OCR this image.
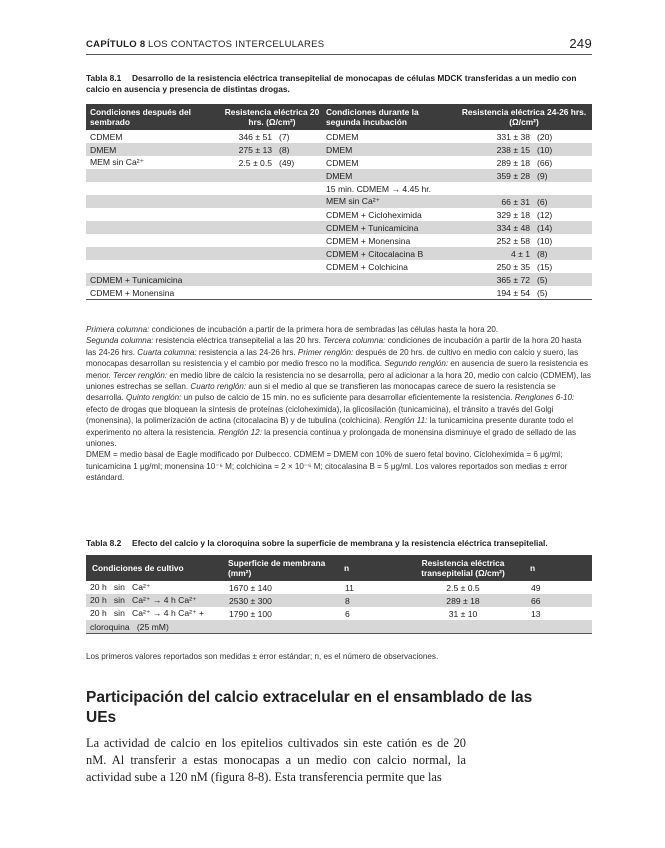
CAPÍTULO 8 LOS CONTACTOS INTERCELULARES	249
Tabla 8.1 Desarrollo de la resistencia eléctrica transepitelial de monocapas de células MDCK transferidas a un medio con calcio en ausencia y presencia de distintas drogas.
Condiciones después del sembrado	Resistencia eléctrica 20 hrs. (Ω/cm²)		Condiciones durante la segunda incubación	Resistencia eléctrica 24-26 hrs. (Ω/cm²)	
CDMEM	346 ± 51	(7)	CDMEM	331 ± 38	(20)
DMEM	275 ± 13	(8)	DMEM	238 ± 15	(10)
MEM sin Ca²⁺	2.5 ± 0.5	(49)	CDMEM	289 ± 18	(66)
			DMEM	359 ± 28	(9)
			15 min. CDMEM → 4.45 hr.		
			MEM sin Ca²⁺	66 ± 31	(6)
			CDMEM + Cicloheximida	329 ± 18	(12)
			CDMEM + Tunicamicina	334 ± 48	(14)
			CDMEM + Monensina	252 ± 58	(10)
			CDMEM + Citocalacina B	4 ± 1	(8)
			CDMEM + Colchicina	250 ± 35	(15)
CDMEM + Tunicamicina				365 ± 72	(5)
CDMEM + Monensina				194 ± 54	(5)

Primera columna: condiciones de incubación a partir de la primera hora de sembradas las células hasta la hora 20.

Segunda columna: resistencia eléctrica transepitelial a las 20 hrs. Tercera columna: condiciones de incubación a partir de la hora 20 hasta las 24-26 hrs. Cuarta columna: resistencia a las 24-26 hrs. Primer renglón: después de 20 hrs. de cultivo en medio con calcio y suero, las monocapas desarrollan su resistencia y el cambio por medio fresco no la modifica. Segundo renglón: en ausencia de suero la resistencia es menor. Tercer renglón: en medio libre de calcio la resistencia no se desarrolla, pero al adicionar a la hora 20, medio con calcio (CDMEM), las uniones estrechas se sellan. Cuarto renglón: aun si el medio al que se transfieren las monocapas carece de suero la resistencia se desarrolla. Quinto renglón: un pulso de calcio de 15 min. no es suficiente para desarrollar eficientemente la resistencia. Renglones 6-10: efecto de drogas que bloquean la síntesis de proteínas (cicloheximida), la glicosilación (tunicamicina), el tránsito a través del Golgi (monensina), la polimerización de actina (citocalacina B) y de tubulina (colchicina). Renglón 11: la tunicamicina presente durante todo el experimento no altera la resistencia. Renglón 12: la presencia continua y prolongada de monensina disminuye el grado de sellado de las uniones.

DMEM = medio basal de Eagle modificado por Dulbecco. CDMEM = DMEM con 10% de suero fetal bovino. Cicloheximida = 6 μg/ml; tunicamicina 1 μg/ml; monensina 10⁻⁶ M; colchicina = 2 × 10⁻⁶ M; citocalasina B = 5 μg/ml. Los valores reportados son medias ± error estándard.

Tabla 8.2 Efecto del calcio y la cloroquina sobre la superficie de membrana y la resistencia eléctrica transepitelial.
Condiciones de cultivo	Superficie de membrana (mm²)	n	Resistencia eléctrica transepitelial (Ω/cm²)	n
20 h   sin   Ca²⁺	1670 ± 140	11	2.5 ± 0.5	49
20 h   sin   Ca²⁺ → 4 h Ca²⁺	2530 ± 300	8	289 ± 18	66
20 h   sin   Ca²⁺ → 4 h Ca²⁺ +	1790 ± 100	6	31 ± 10	13
cloroquina   (25 mM)				
Los primeros valores reportados son medidas ± error estándar; n, es el número de observaciones.
Participación del calcio extracelular en el ensamblado de las UEs
La actividad de calcio en los epitelios cultivados sin este catión es de 20 nM. Al transferir a estas monocapas a un medio con calcio normal, la actividad sube a 120 nM (figura 8-8). Esta transferencia permite que las
